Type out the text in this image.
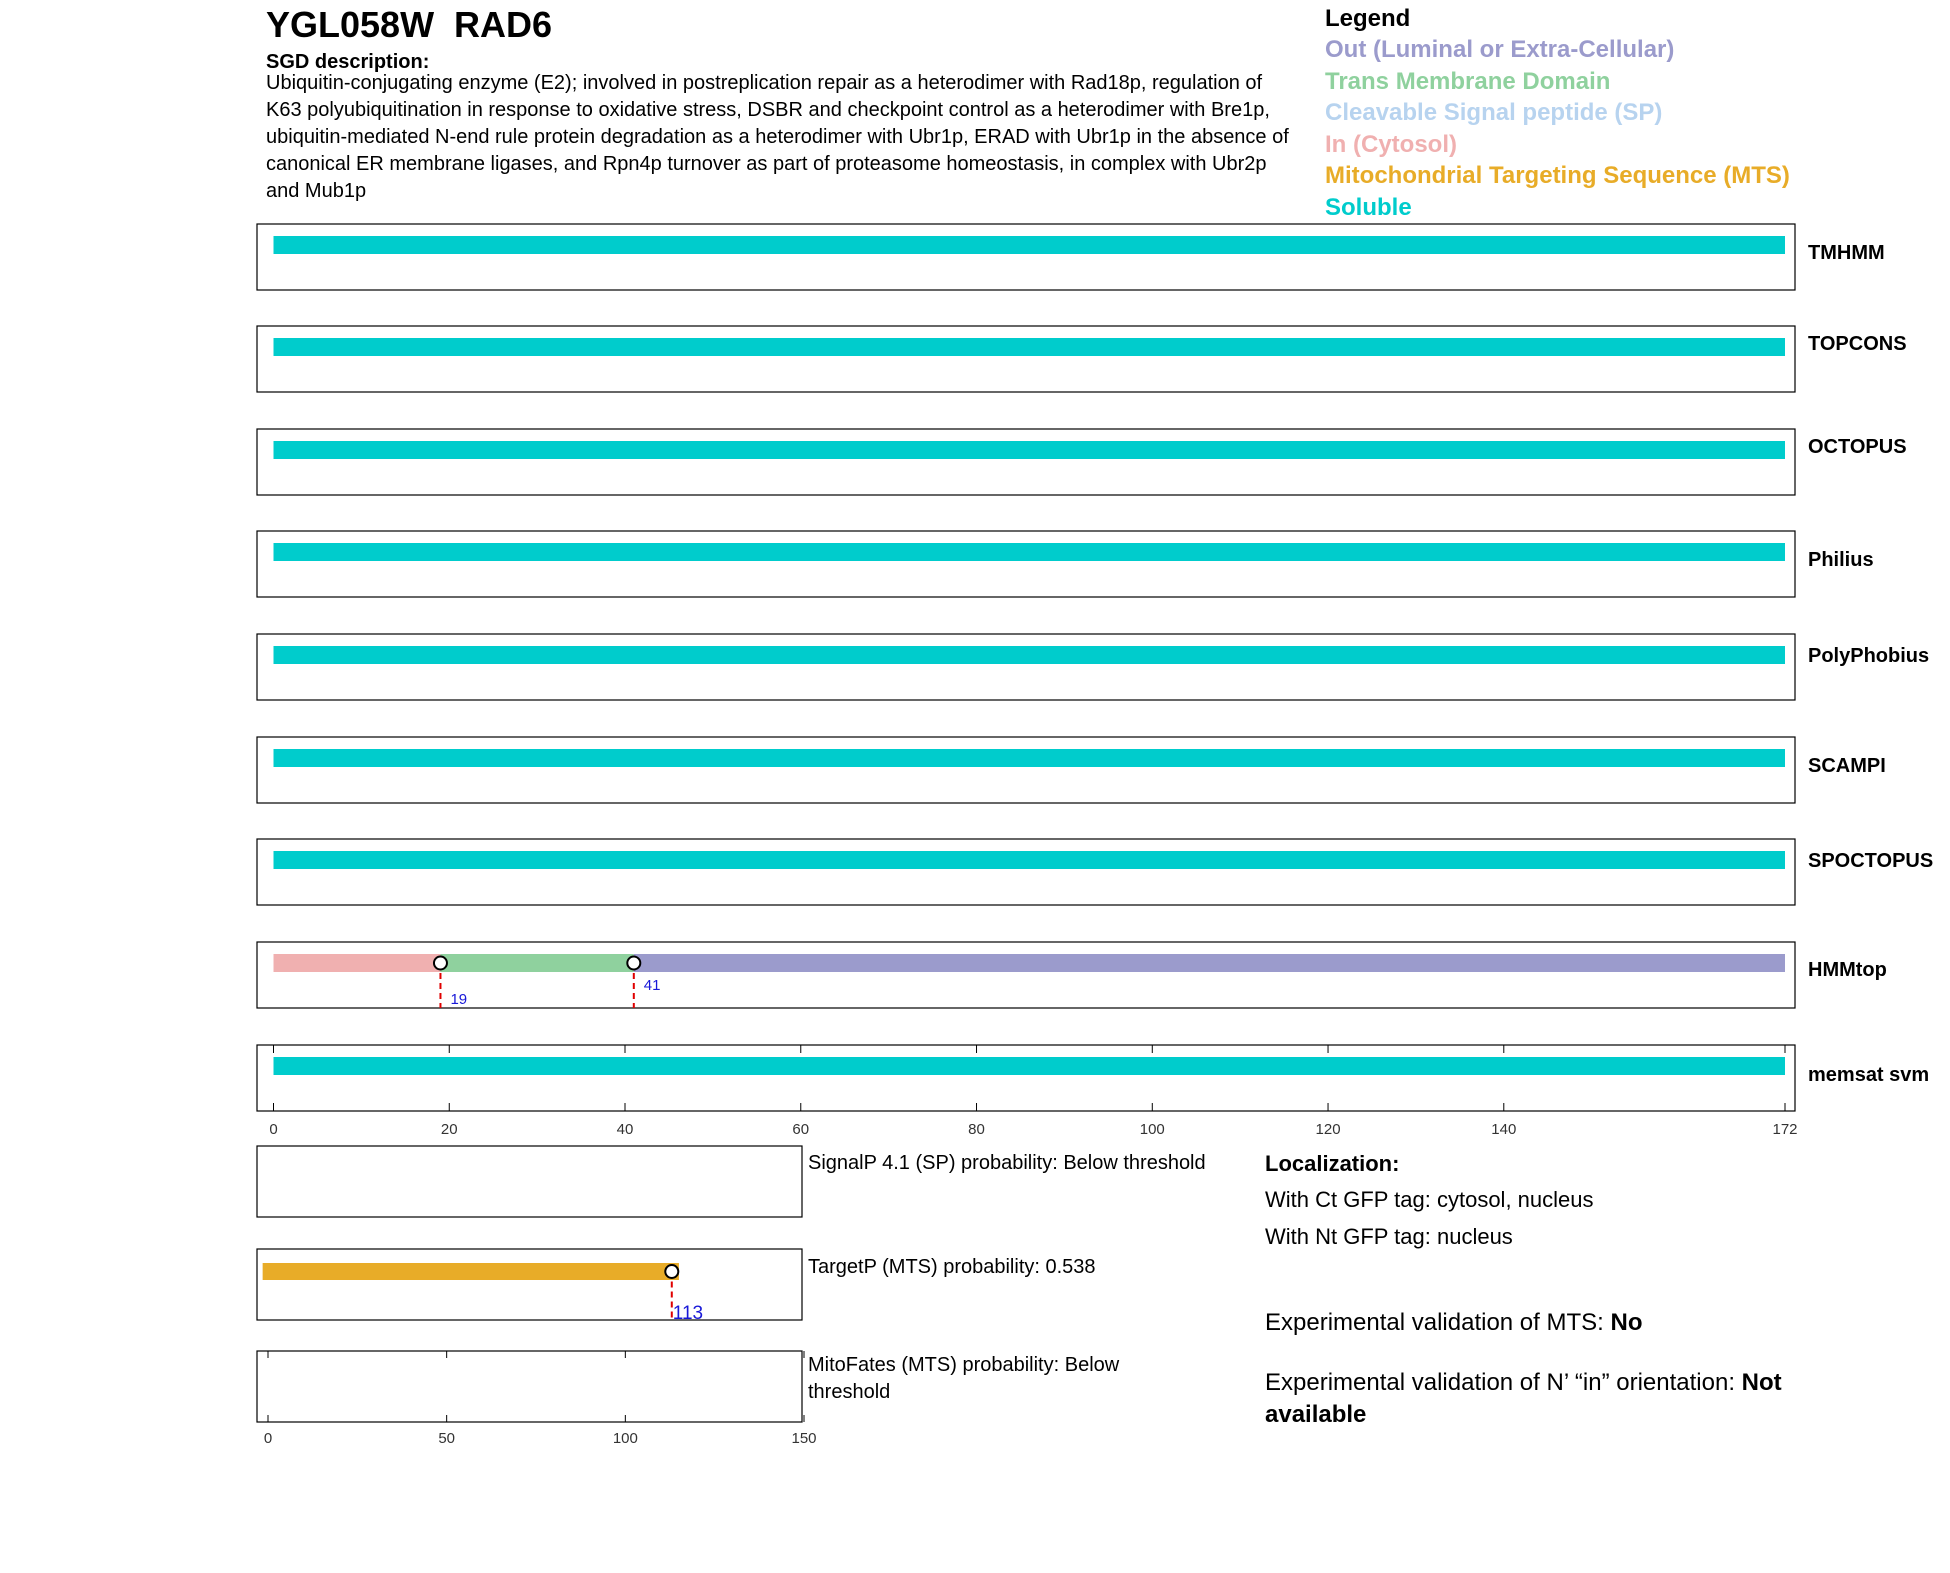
YGL058W  RAD6
SGD description:
Ubiquitin-conjugating enzyme (E2); involved in postreplication repair as a heterodimer with Rad18p, regulation of K63 polyubiquitination in response to oxidative stress, DSBR and checkpoint control as a heterodimer with Bre1p, ubiquitin-mediated N-end rule protein degradation as a heterodimer with Ubr1p, ERAD with Ubr1p in the absence of canonical ER membrane ligases, and Rpn4p turnover as part of proteasome homeostasis, in complex with Ubr2p and Mub1p
Legend
Out (Luminal or Extra-Cellular)
Trans Membrane Domain
Cleavable Signal peptide (SP)
In (Cytosol)
Mitochondrial Targeting Sequence (MTS)
Soluble
TMHMM
TOPCONS
OCTOPUS
Philius
PolyPhobius
SCAMPI
SPOCTOPUS
19
41
HMMtop
memsat svm
0	20	40	60	80	100	120	140	172
113
0	50	100	150
SignalP 4.1 (SP) probability: Below threshold
TargetP (MTS) probability: 0.538
MitoFates (MTS) probability: Below threshold
Localization:
With Ct GFP tag: cytosol, nucleus
With Nt GFP tag: nucleus
Experimental validation of MTS: No
Experimental validation of N’ “in” orientation: Not available
